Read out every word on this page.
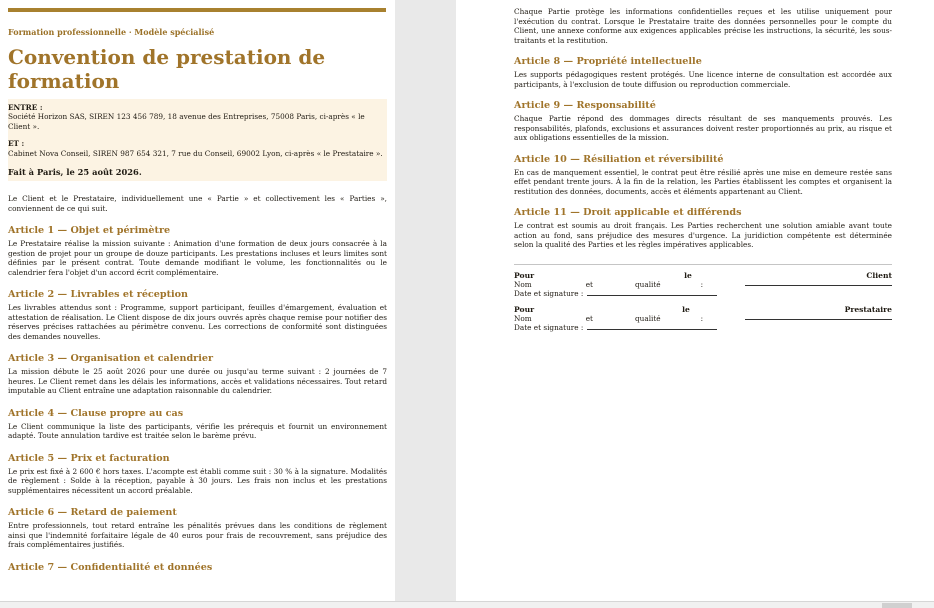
Formation professionnelle · Modèle spécialisé
Convention de prestation de formation
ENTRE :
Société Horizon SAS, SIREN 123 456 789, 18 avenue des Entreprises, 75008 Paris, ci-après « le Client ».
ET :
Cabinet Nova Conseil, SIREN 987 654 321, 7 rue du Conseil, 69002 Lyon, ci-après « le Prestataire ».
Fait à Paris, le 25 août 2026.

Le Client et le Prestataire, individuellement une « Partie » et collectivement les « Parties », conviennent de ce qui suit.

Article 1 — Objet et périmètre

Le Prestataire réalise la mission suivante : Animation d'une formation de deux jours consacrée à la gestion de projet pour un groupe de douze participants. Les prestations incluses et leurs limites sont définies par le présent contrat. Toute demande modifiant le volume, les fonctionnalités ou le calendrier fera l'objet d'un accord écrit complémentaire.

Article 2 — Livrables et réception

Les livrables attendus sont : Programme, support participant, feuilles d'émargement, évaluation et attestation de réalisation. Le Client dispose de dix jours ouvrés après chaque remise pour notifier des réserves précises rattachées au périmètre convenu. Les corrections de conformité sont distinguées des demandes nouvelles.

Article 3 — Organisation et calendrier

La mission débute le 25 août 2026 pour une durée ou jusqu'au terme suivant : 2 journées de 7 heures. Le Client remet dans les délais les informations, accès et validations nécessaires. Tout retard imputable au Client entraîne une adaptation raisonnable du calendrier.

Article 4 — Clause propre au cas

Le Client communique la liste des participants, vérifie les prérequis et fournit un environnement adapté. Toute annulation tardive est traitée selon le barème prévu.

Article 5 — Prix et facturation

Le prix est fixé à 2 600 € hors taxes. L'acompte est établi comme suit : 30 % à la signature. Modalités de règlement : Solde à la réception, payable à 30 jours. Les frais non inclus et les prestations supplémentaires nécessitent un accord préalable.

Article 6 — Retard de paiement

Entre professionnels, tout retard entraîne les pénalités prévues dans les conditions de règlement ainsi que l'indemnité forfaitaire légale de 40 euros pour frais de recouvrement, sans préjudice des frais complémentaires justifiés.

Article 7 — Confidentialité et données

Chaque Partie protège les informations confidentielles reçues et les utilise uniquement pour l'exécution du contrat. Lorsque le Prestataire traite des données personnelles pour le compte du Client, une annexe conforme aux exigences applicables précise les instructions, la sécurité, les sous-traitants et la restitution.

Article 8 — Propriété intellectuelle

Les supports pédagogiques restent protégés. Une licence interne de consultation est accordée aux participants, à l'exclusion de toute diffusion ou reproduction commerciale.

Article 9 — Responsabilité

Chaque Partie répond des dommages directs résultant de ses manquements prouvés. Les responsabilités, plafonds, exclusions et assurances doivent rester proportionnés au prix, au risque et aux obligations essentielles de la mission.

Article 10 — Résiliation et réversibilité

En cas de manquement essentiel, le contrat peut être résilié après une mise en demeure restée sans effet pendant trente jours. À la fin de la relation, les Parties établissent les comptes et organisent la restitution des données, documents, accès et éléments appartenant au Client.

Article 11 — Droit applicable et différends

Le contrat est soumis au droit français. Les Parties recherchent une solution amiable avant toute action au fond, sans préjudice des mesures d'urgence. La juridiction compétente est déterminée selon la qualité des Parties et les règles impératives applicables.

Pour	le	Client
Nom	et	qualité	:
Date et signature :
Pour	le	Prestataire
Nom	et	qualité	:
Date et signature :
